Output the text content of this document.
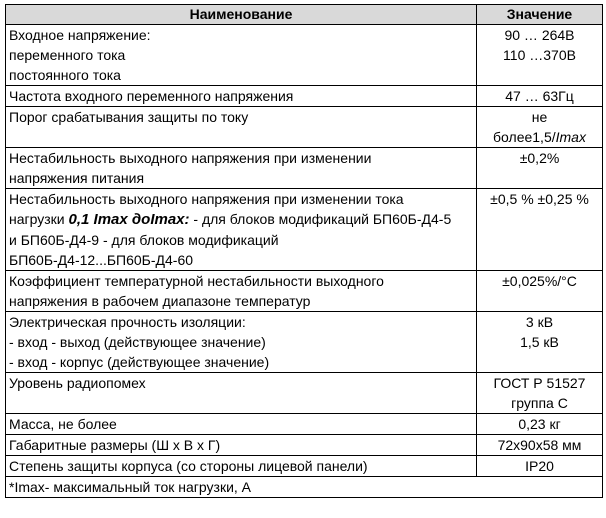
Наименование	Значение

Входное напряжение:
переменного тока
постоянного тока	90 … 264В
110 …370В

Частота входного переменного напряжения	47 … 63Гц

Порог срабатывания защиты по току	не
более1,5/Imax

Нестабильность выходного напряжения при изменении
напряжения питания	±0,2%

Нестабильность выходного напряжения при изменении тока
нагрузки 0,1 Imax доImax: - для блоков модификаций БП60Б-Д4-5
и БП60Б-Д4-9 - для блоков модификаций
БП60Б-Д4-12...БП60Б-Д4-60	±0,5 % ±0,25 %

Коэффициент температурной нестабильности выходного
напряжения в рабочем диапазоне температур	±0,025%/°C

Электрическая прочность изоляции:
- вход - выход (действующее значение)
- вход - корпус (действующее значение)	3 кВ
1,5 кВ

Уровень радиопомех	ГОСТ Р 51527
группа С

Масса, не более	0,23 кг

Габаритные размеры (Ш х В х Г)	72х90х58 мм

Степень защиты корпуса (со стороны лицевой панели)	IP20

*Imax- максимальный ток нагрузки, А	
